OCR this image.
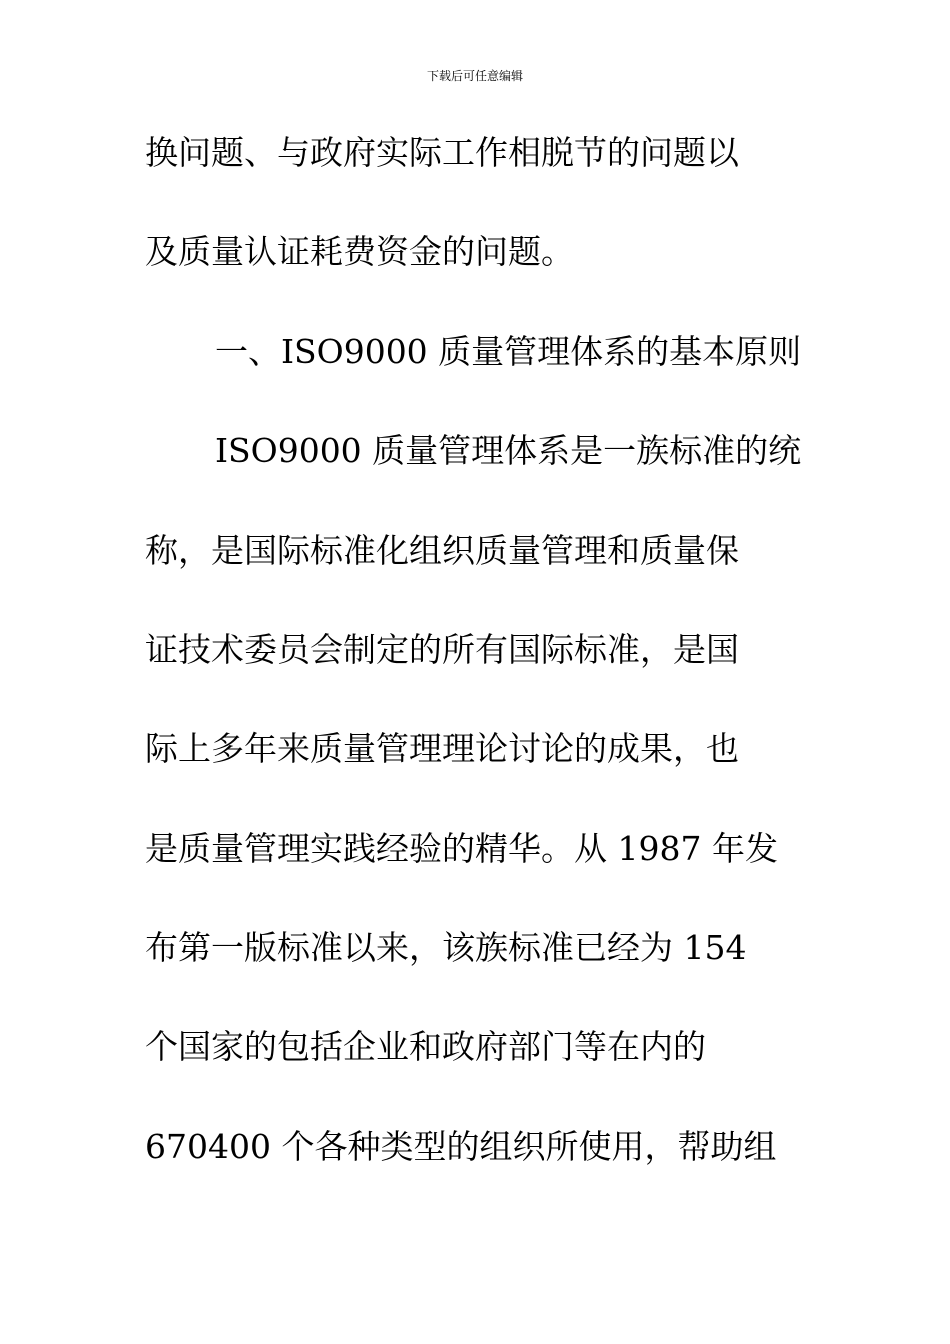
下载后可任意编辑
换问题、与政府实际工作相脱节的问题以
及质量认证耗费资金的问题。
一、ISO9000 质量管理体系的基本原则
ISO9000 质量管理体系是一族标准的统
称，是国际标准化组织质量管理和质量保
证技术委员会制定的所有国际标准，是国
际上多年来质量管理理论讨论的成果，也
是质量管理实践经验的精华。从 1987 年发
布第一版标准以来，该族标准已经为 154
个国家的包括企业和政府部门等在内的
670400 个各种类型的组织所使用，帮助组
